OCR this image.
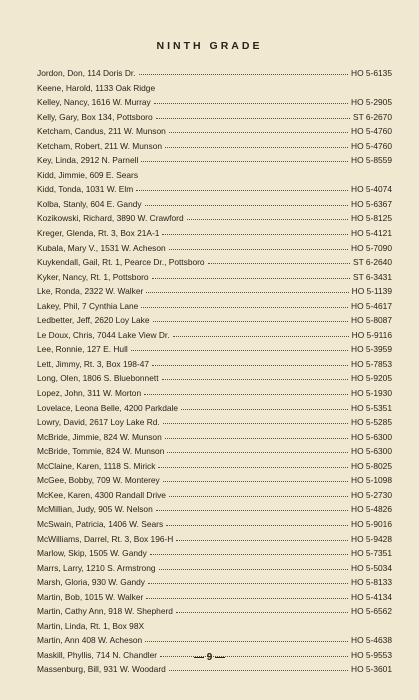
NINTH GRADE
Jordon, Don, 114 Doris Dr.	HO 5-6135
Keene, Harold, 1133 Oak Ridge
Kelley, Nancy, 1616 W. Murray	HO 5-2905
Kelly, Gary, Box 134, Pottsboro	ST 6-2670
Ketcham, Candus, 211 W. Munson	HO 5-4760
Ketcham, Robert, 211 W. Munson	HO 5-4760
Key, Linda, 2912 N. Parnell	HO 5-8559
Kidd, Jimmie, 609 E. Sears
Kidd, Tonda, 1031 W. Elm	HO 5-4074
Kolba, Stanly, 604 E. Gandy	HO 5-6367
Kozikowski, Richard, 3890 W. Crawford	HO 5-8125
Kreger, Glenda, Rt. 3, Box 21A-1	HO 5-4121
Kubala, Mary V., 1531 W. Acheson	HO 5-7090
Kuykendall, Gail, Rt. 1, Pearce Dr., Pottsboro	ST 6-2640
Kyker, Nancy, Rt. 1, Pottsboro	ST 6-3431
Lke, Ronda, 2322 W. Walker	HO 5-1139
Lakey, Phil, 7 Cynthia Lane	HO 5-4617
Ledbetter, Jeff, 2620 Loy Lake	HO 5-8087
Le Doux, Chris, 7044 Lake View Dr.	HO 5-9116
Lee, Ronnie, 127 E. Hull	HO 5-3959
Lett, Jimmy, Rt. 3, Box 198-47	HO 5-7853
Long, Olen, 1806 S. Bluebonnett	HO 5-9205
Lopez, John, 311 W. Morton	HO 5-1930
Lovelace, Leona Belle, 4200 Parkdale	HO 5-5351
Lowry, David, 2617 Loy Lake Rd.	HO 5-5285
McBride, Jimmie, 824 W. Munson	HO 5-6300
McBride, Tommie, 824 W. Munson	HO 5-6300
McClaine, Karen, 1118 S. Mirick	HO 5-8025
McGee, Bobby, 709 W. Monterey	HO 5-1098
McKee, Karen, 4300 Randall Drive	HO 5-2730
McMillian, Judy, 905 W. Nelson	HO 5-4826
McSwain, Patricia, 1406 W. Sears	HO 5-9016
McWilliams, Darrel, Rt. 3, Box 196-H	HO 5-9428
Marlow, Skip, 1505 W. Gandy	HO 5-7351
Marrs, Larry, 1210 S. Armstrong	HO 5-5034
Marsh, Gloria, 930 W. Gandy	HO 5-8133
Martin, Bob, 1015 W. Walker	HO 5-4134
Martin, Cathy Ann, 918 W. Shepherd	HO 5-6562
Martin, Linda, Rt. 1, Box 98X
Martin, Ann 408 W. Acheson	HO 5-4638
Maskill, Phyllis, 714 N. Chandler	HO 5-9553
Massenburg, Bill, 931 W. Woodard	HO 5-3601
— 9 —
